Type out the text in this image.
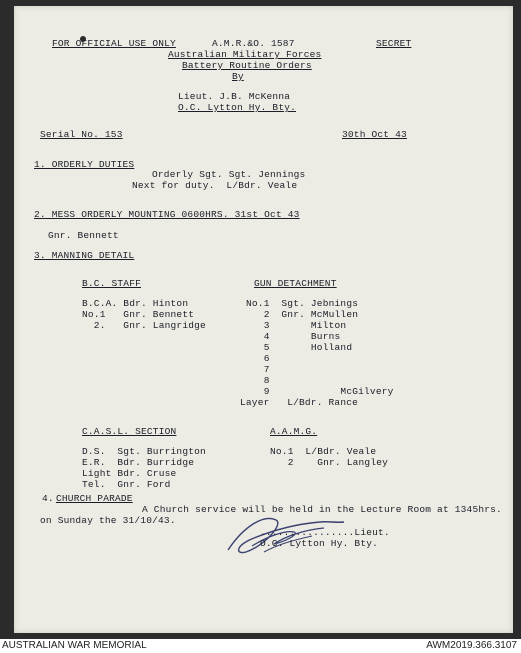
FOR OFFICIAL USE ONLY	A.M.R.&O. 1587	SECRET
Australian Military Forces
Battery Routine Orders
By
Lieut. J.B. McKenna
O.C. Lytton Hy. Bty.
Serial No. 153	30th Oct 43
1. ORDERLY DUTIES
Orderly Sgt. Sgt. Jennings
Next for duty.  L/Bdr. Veale
2. MESS ORDERLY MOUNTING 0600HRS. 31st Oct 43
Gnr. Bennett
3. MANNING DETAIL
B.C. STAFF
B.C.A. Bdr. Hinton
No.1   Gnr. Bennett
2.   Gnr. Langridge
GUN DETACHMENT
No.1  Sgt. Jebnings
2  Gnr. McMullen
3       Milton
4       Burns
5       Holland
6
7
8
9            McGilvery
Layer   L/Bdr. Rance
C.A.S.L. SECTION
D.S.  Sgt. Burrington
E.R.  Bdr. Burridge
Light Bdr. Cruse
Tel.  Gnr. Ford
A.A.M.G.
No.1  L/Bdr. Veale
2    Gnr. Langley
4. CHURCH PARADE
A Church service will be held in the Lecture Room at 1345hrs.
on Sunday the 31/10/43.
................Lieut.
O.C. Lytton Hy. Bty.
AUSTRALIAN WAR MEMORIAL	AWM2019.366.3107
